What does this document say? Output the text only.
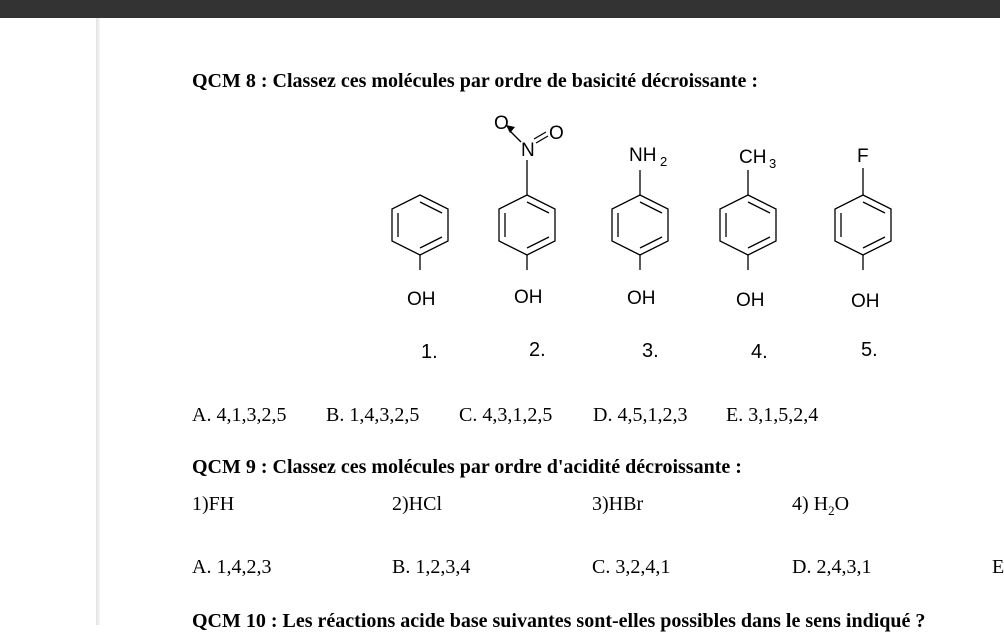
QCM 8 : Classez ces molécules par ordre de basicité décroissante :
O
N
O
NH 2	CH 3	F
OH	OH	OH	OH	OH
1.	2.	3.	4.	5.
A. 4,1,3,2,5 B. 1,4,3,2,5 C. 4,3,1,2,5 D. 4,5,1,2,3 E. 3,1,5,2,4
QCM 9 : Classez ces molécules par ordre d'acidité décroissante :
1)FH	2)HCl	3)HBr	4) $H_2O$
A. 1,4,2,3	B. 1,2,3,4	C. 3,2,4,1	D. 2,4,3,1	E
QCM 10 : Les réactions acide base suivantes sont-elles possibles dans le sens indiqué ?
